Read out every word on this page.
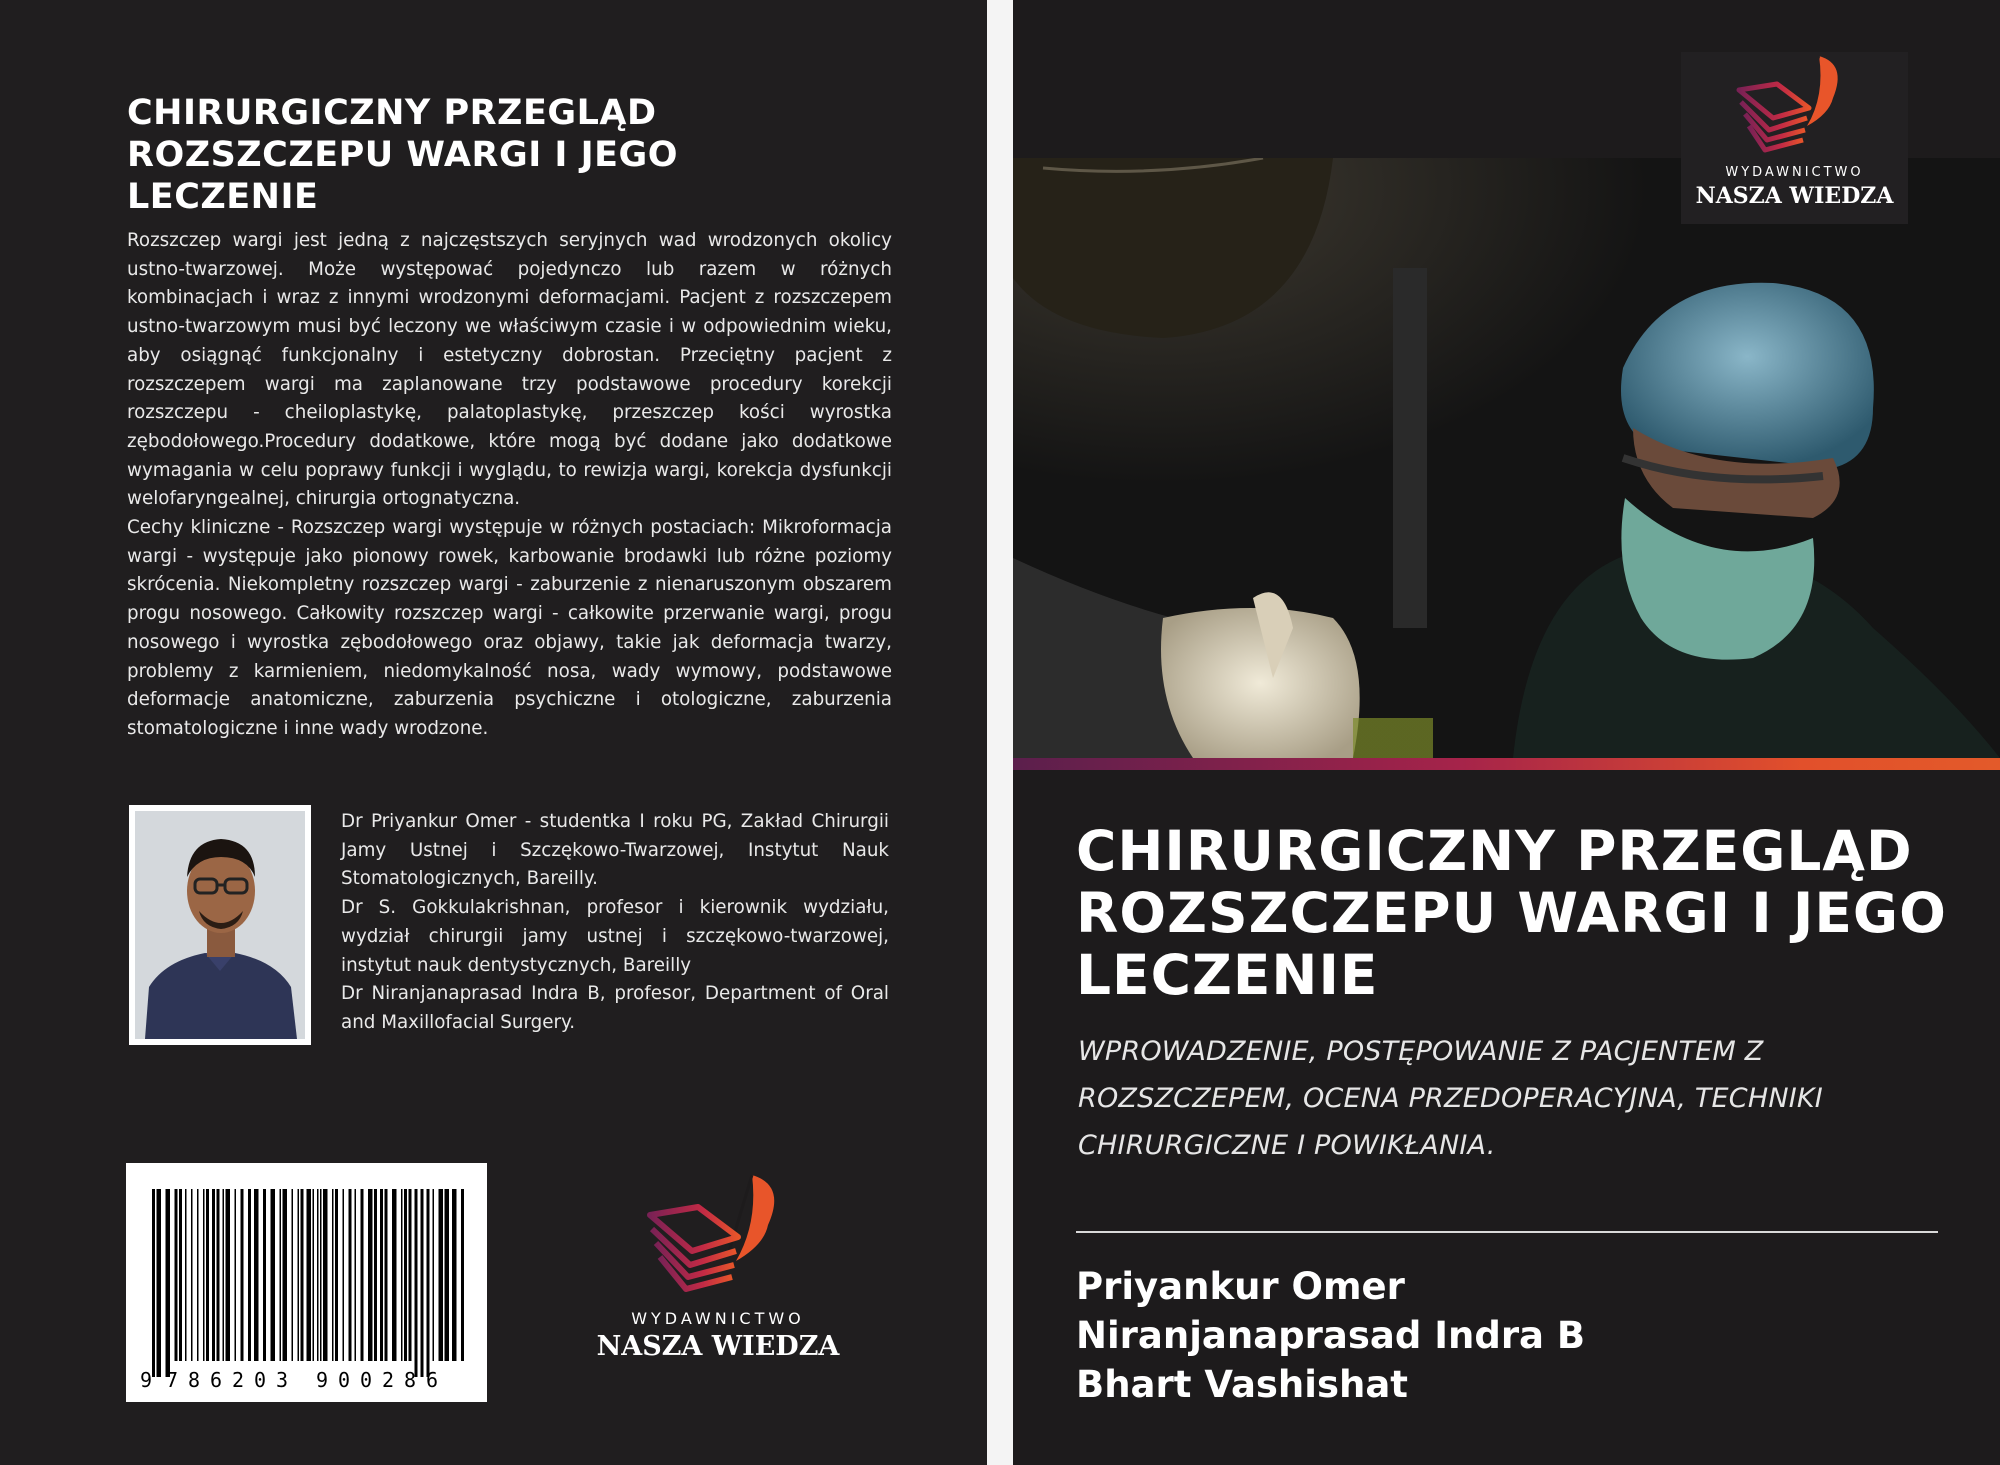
CHIRURGICZNY PRZEGLĄD ROZSZCZEPU WARGI I JEGO LECZENIE

Rozszczep wargi jest jedną z najczęstszych seryjnych wad wrodzonych okolicy ustno-twarzowej. Może występować pojedynczo lub razem w różnych kombinacjach i wraz z innymi wrodzonymi deformacjami. Pacjent z rozszczepem ustno-twarzowym musi być leczony we właściwym czasie i w odpowiednim wieku, aby osiągnąć funkcjonalny i estetyczny dobrostan. Przeciętny pacjent z rozszczepem wargi ma zaplanowane trzy podstawowe procedury korekcji rozszczepu - cheiloplastykę, palatoplastykę, przeszczep kości wyrostka zębodołowego.Procedury dodatkowe, które mogą być dodane jako dodatkowe wymagania w celu poprawy funkcji i wyglądu, to rewizja wargi, korekcja dysfunkcji welofaryngealnej, chirurgia ortognatyczna.

Cechy kliniczne - Rozszczep wargi występuje w różnych postaciach: Mikroformacja wargi - występuje jako pionowy rowek, karbowanie brodawki lub różne poziomy skrócenia. Niekompletny rozszczep wargi - zaburzenie z nienaruszonym obszarem progu nosowego. Całkowity rozszczep wargi - całkowite przerwanie wargi, progu nosowego i wyrostka zębodołowego oraz objawy, takie jak deformacja twarzy, problemy z karmieniem, niedomykalność nosa, wady wymowy, podstawowe deformacje anatomiczne, zaburzenia psychiczne i otologiczne, zaburzenia stomatologiczne i inne wady wrodzone.

Dr Priyankur Omer - studentka I roku PG, Zakład Chirurgii Jamy Ustnej i Szczękowo-Twarzowej, Instytut Nauk Stomatologicznych, Bareilly.

Dr S. Gokkulakrishnan, profesor i kierownik wydziału, wydział chirurgii jamy ustnej i szczękowo-twarzowej, instytut nauk dentystycznych, Bareilly

Dr Niranjanaprasad Indra B, profesor, Department of Oral and Maxillofacial Surgery.

9 7 8 6 2 0 3 9 0 0 2 8 6
WYDAWNICTWO
NASZA WIEDZA
WYDAWNICTWO
NASZA WIEDZA
CHIRURGICZNY PRZEGLĄD ROZSZCZEPU WARGI I JEGO LECZENIE
WPROWADZENIE, POSTĘPOWANIE Z PACJENTEM Z ROZSZCZEPEM, OCENA PRZEDOPERACYJNA, TECHNIKI CHIRURGICZNE I POWIKŁANIA.
Priyankur Omer
Niranjanaprasad Indra B
Bhart Vashishat
